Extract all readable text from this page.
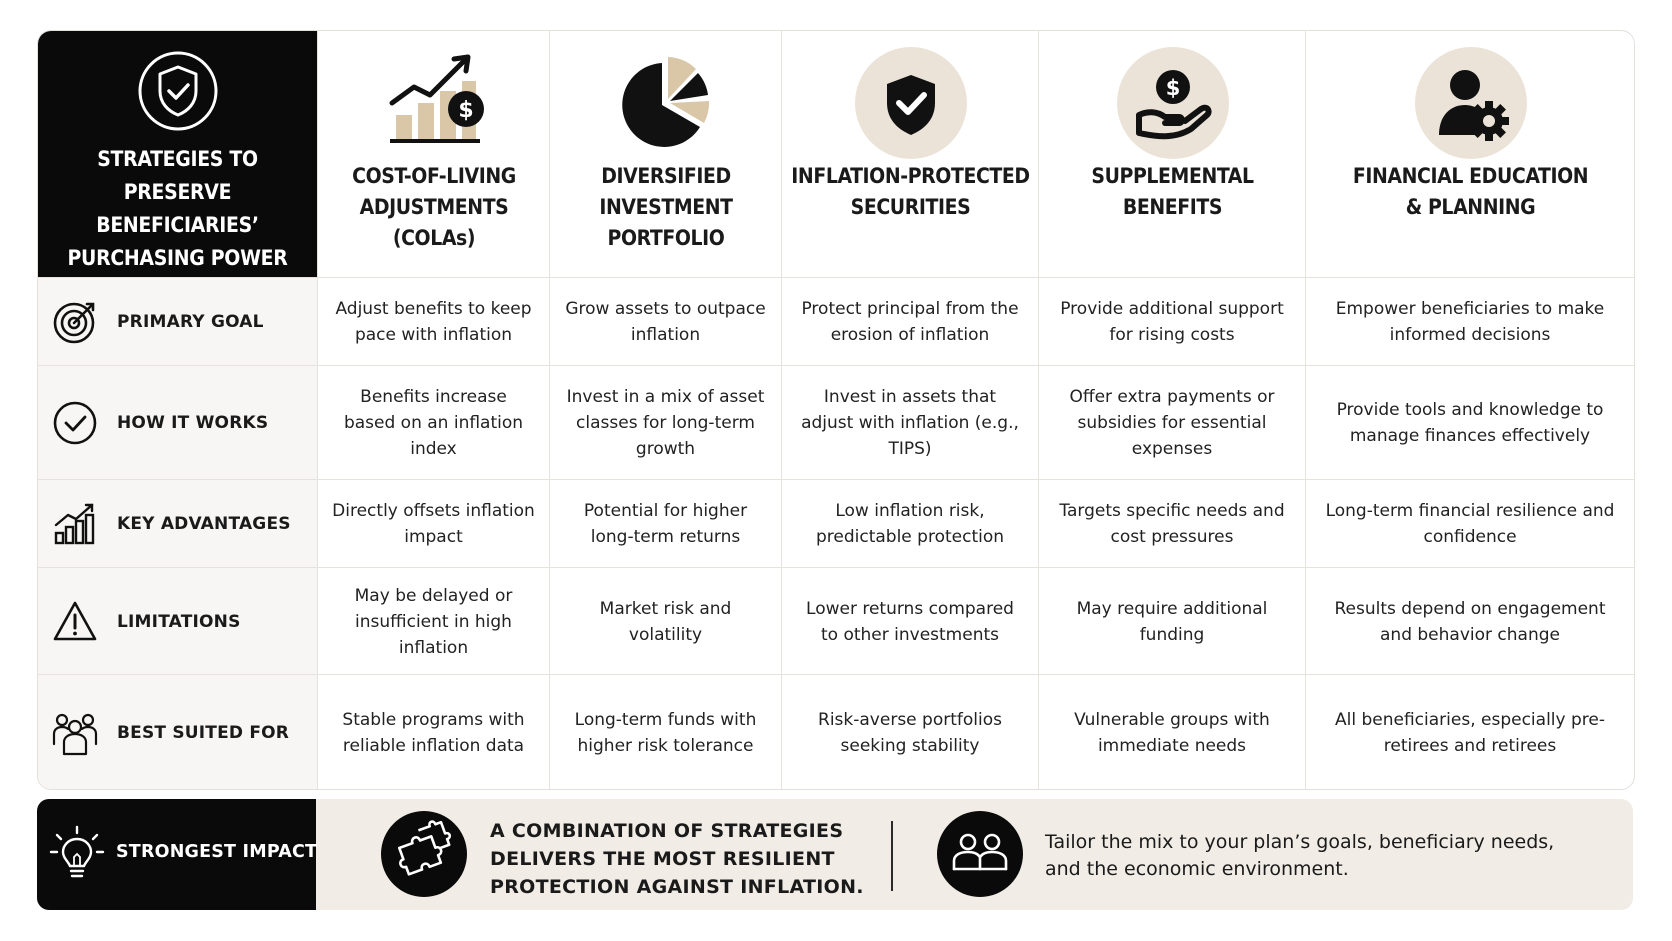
STRATEGIES TO PRESERVE BENEFICIARIES’ PURCHASING POWER
$
COST-OF-LIVING
ADJUSTMENTS
(COLAs)
DIVERSIFIED
INVESTMENT
PORTFOLIO
INFLATION-PROTECTED
SECURITIES
$
SUPPLEMENTAL
BENEFITS
FINANCIAL EDUCATION
& PLANNING
PRIMARY GOAL
Adjust benefits to keep pace with inflation
Grow assets to outpace inflation
Protect principal from the erosion of inflation
Provide additional support for rising costs
Empower beneficiaries to make informed decisions
HOW IT WORKS
Benefits increase based on an inflation index
Invest in a mix of asset classes for long-term growth
Invest in assets that adjust with inflation (e.g., TIPS)
Offer extra payments or subsidies for essential expenses
Provide tools and knowledge to manage finances effectively
KEY ADVANTAGES
Directly offsets inflation impact
Potential for higher long-term returns
Low inflation risk, predictable protection
Targets specific needs and cost pressures
Long-term financial resilience and confidence
LIMITATIONS
May be delayed or insufficient in high inflation
Market risk and volatility
Lower returns compared to other investments
May require additional funding
Results depend on engagement and behavior change
BEST SUITED FOR
Stable programs with reliable inflation data
Long-term funds with higher risk tolerance
Risk-averse portfolios seeking stability
Vulnerable groups with immediate needs
All beneficiaries, especially pre-retirees and retirees
STRONGEST IMPACT
A COMBINATION OF STRATEGIES DELIVERS THE MOST RESILIENT PROTECTION AGAINST INFLATION.
Tailor the mix to your plan’s goals, beneficiary needs, and the economic environment.
